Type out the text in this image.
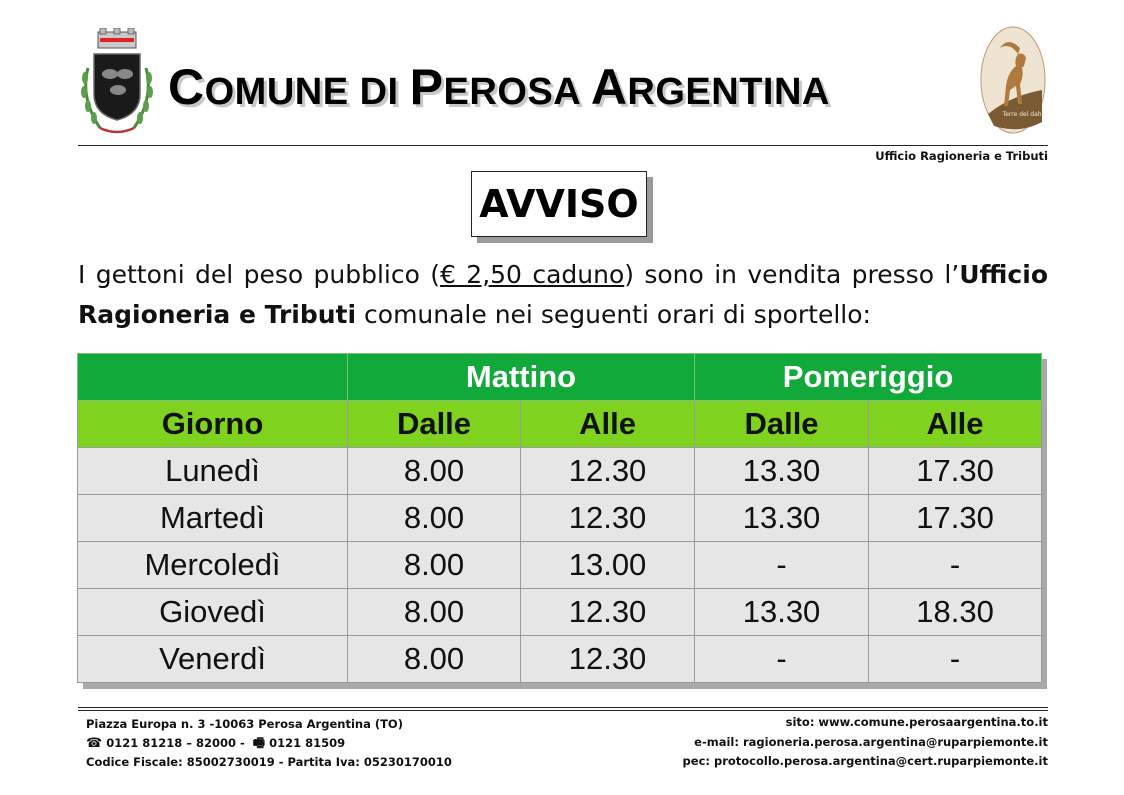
COMUNE DI PEROSA ARGENTINA
Terre del dahu
Ufficio Ragioneria e Tributi
AVVISO

I gettoni del peso pubblico (€ 2,50 caduno) sono in vendita presso l’Ufficio Ragioneria e Tributi comunale nei seguenti orari di sportello:

	Mattino		Pomeriggio	
Giorno	Dalle	Alle	Dalle	Alle
Lunedì	8.00	12.30	13.30	17.30
Martedì	8.00	12.30	13.30	17.30
Mercoledì	8.00	13.00	-	-
Giovedì	8.00	12.30	13.30	18.30
Venerdì	8.00	12.30	-	-
Piazza Europa n. 3 -10063 Perosa Argentina (TO)
☎ 0121 81218 – 82000 - 🖷 0121 81509
Codice Fiscale: 85002730019 - Partita Iva: 05230170010
sito: www.comune.perosaargentina.to.it
e-mail: ragioneria.perosa.argentina@ruparpiemonte.it
pec: protocollo.perosa.argentina@cert.ruparpiemonte.it
